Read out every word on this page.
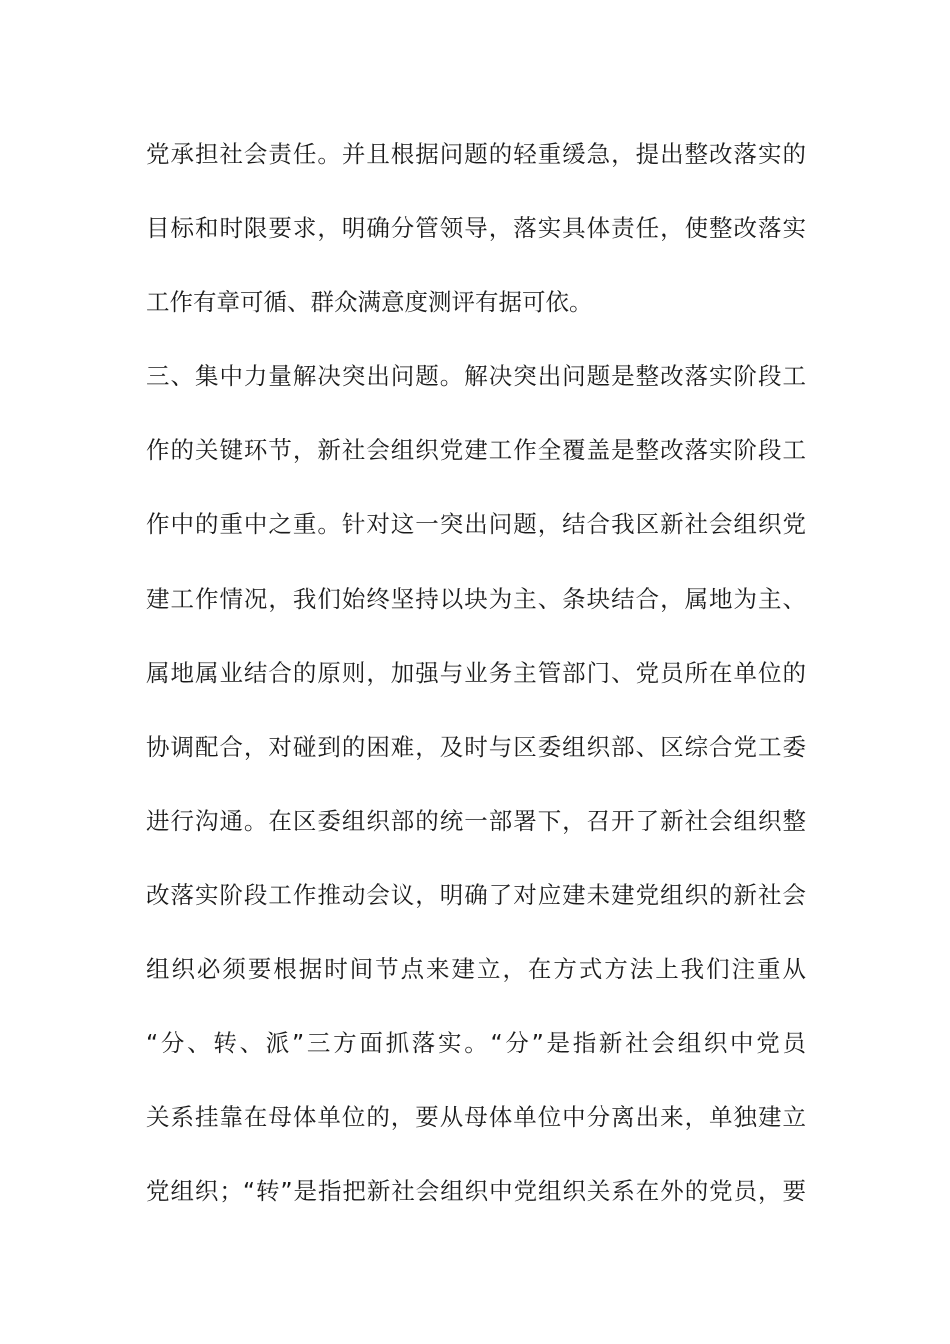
党承担社会责任。并且根据问题的轻重缓急，提出整改落实的
目标和时限要求，明确分管领导，落实具体责任，使整改落实
工作有章可循、群众满意度测评有据可依。
三、集中力量解决突出问题。解决突出问题是整改落实阶段工
作的关键环节，新社会组织党建工作全覆盖是整改落实阶段工
作中的重中之重。针对这一突出问题，结合我区新社会组织党
建工作情况，我们始终坚持以块为主、条块结合，属地为主、
属地属业结合的原则，加强与业务主管部门、党员所在单位的
协调配合，对碰到的困难，及时与区委组织部、区综合党工委
进行沟通。在区委组织部的统一部署下，召开了新社会组织整
改落实阶段工作推动会议，明确了对应建未建党组织的新社会
组织必须要根据时间节点来建立，在方式方法上我们注重从
“分、转、派”三方面抓落实。“分”是指新社会组织中党员
关系挂靠在母体单位的，要从母体单位中分离出来，单独建立
党组织；“转”是指把新社会组织中党组织关系在外的党员，要
